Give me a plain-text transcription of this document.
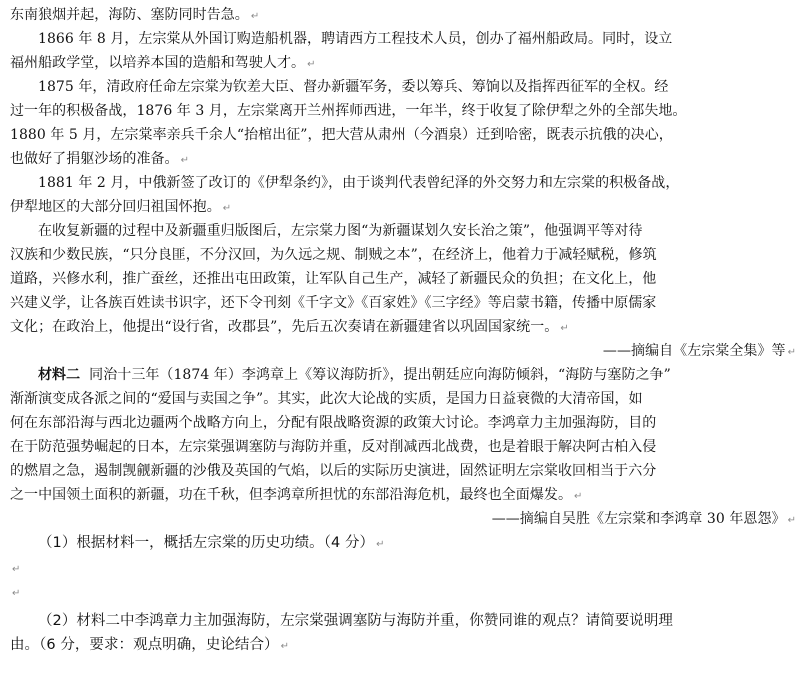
东南狼烟并起，海防、塞防同时告急。 ↵
1866 年 8 月，左宗棠从外国订购造船机器，聘请西方工程技术人员，创办了福州船政局。同时，设立
福州船政学堂，以培养本国的造船和驾驶人才。 ↵
1875 年，清政府任命左宗棠为钦差大臣、督办新疆军务，委以筹兵、筹饷以及指挥西征军的全权。经
过一年的积极备战，1876 年 3 月，左宗棠离开兰州挥师西进，一年半，终于收复了除伊犁之外的全部失地。
1880 年 5 月，左宗棠率亲兵千余人“抬棺出征”，把大营从肃州（今酒泉）迁到哈密，既表示抗俄的决心，
也做好了捐躯沙场的准备。 ↵
1881 年 2 月，中俄新签了改订的《伊犁条约》，由于谈判代表曾纪泽的外交努力和左宗棠的积极备战，
伊犁地区的大部分回归祖国怀抱。 ↵
在收复新疆的过程中及新疆重归版图后，左宗棠力图“为新疆谋划久安长治之策”，他强调平等对待
汉族和少数民族，“只分良匪，不分汉回，为久远之规、制贼之本”，在经济上，他着力于减轻赋税，修筑
道路，兴修水利，推广蚕丝，还推出屯田政策，让军队自己生产，减轻了新疆民众的负担；在文化上，他
兴建义学，让各族百姓读书识字，还下令刊刻《千字文》《百家姓》《三字经》等启蒙书籍，传播中原儒家
文化；在政治上，他提出“设行省，改郡县”，先后五次奏请在新疆建省以巩固国家统一。 ↵
——摘编自《左宗棠全集》等 ↵
材料二 同治十三年（1874 年）李鸿章上《筹议海防折》，提出朝廷应向海防倾斜，“海防与塞防之争”
渐渐演变成各派之间的“爱国与卖国之争”。其实，此次大论战的实质，是国力日益衰微的大清帝国，如
何在东部沿海与西北边疆两个战略方向上，分配有限战略资源的政策大讨论。李鸿章力主加强海防，目的
在于防范强势崛起的日本，左宗棠强调塞防与海防并重，反对削减西北战费，也是着眼于解决阿古柏入侵
的燃眉之急，遏制觊觎新疆的沙俄及英国的气焰，以后的实际历史演进，固然证明左宗棠收回相当于六分
之一中国领土面积的新疆，功在千秋，但李鸿章所担忧的东部沿海危机，最终也全面爆发。 ↵
——摘编自吴胜《左宗棠和李鸿章 30 年恩怨》 ↵
（1）根据材料一，概括左宗棠的历史功绩。（4 分） ↵
↵
↵
（2）材料二中李鸿章力主加强海防，左宗棠强调塞防与海防并重，你赞同谁的观点？请简要说明理
由。（6 分，要求：观点明确，史论结合） ↵
